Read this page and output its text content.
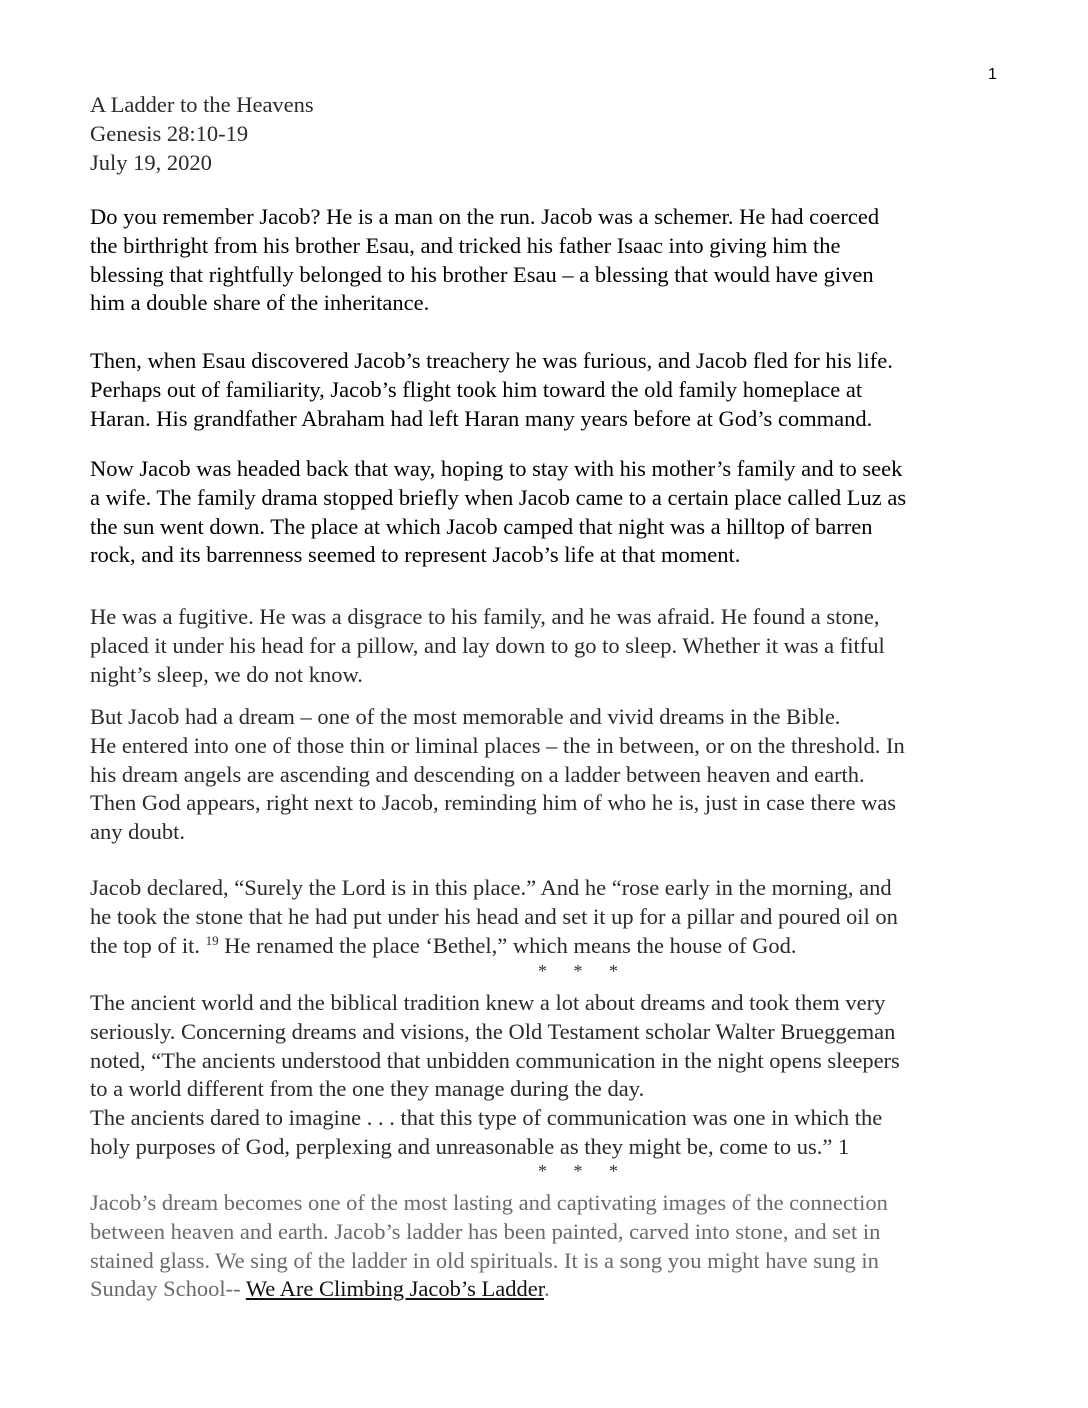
1
A Ladder to the Heavens
Genesis 28:10-19
July 19, 2020
Do you remember Jacob? He is a man on the run. Jacob was a schemer. He had coerced
the birthright from his brother Esau, and tricked his father Isaac into giving him the
blessing that rightfully belonged to his brother Esau – a blessing that would have given
him a double share of the inheritance.
Then, when Esau discovered Jacob’s treachery he was furious, and Jacob fled for his life.
Perhaps out of familiarity, Jacob’s flight took him toward the old family homeplace at
Haran. His grandfather Abraham had left Haran many years before at God’s command.
Now Jacob was headed back that way, hoping to stay with his mother’s family and to seek
a wife. The family drama stopped briefly when Jacob came to a certain place called Luz as
the sun went down. The place at which Jacob camped that night was a hilltop of barren
rock, and its barrenness seemed to represent Jacob’s life at that moment.
He was a fugitive. He was a disgrace to his family, and he was afraid. He found a stone,
placed it under his head for a pillow, and lay down to go to sleep. Whether it was a fitful
night’s sleep, we do not know.
But Jacob had a dream – one of the most memorable and vivid dreams in the Bible.
He entered into one of those thin or liminal places – the in between, or on the threshold. In
his dream angels are ascending and descending on a ladder between heaven and earth.
Then God appears, right next to Jacob, reminding him of who he is, just in case there was
any doubt.
Jacob declared, “Surely the Lord is in this place.” And he “rose early in the morning, and
he took the stone that he had put under his head and set it up for a pillar and poured oil on
the top of it. $^{19}$ He renamed the place ‘Bethel,” which means the house of God.
* * *
The ancient world and the biblical tradition knew a lot about dreams and took them very
seriously. Concerning dreams and visions, the Old Testament scholar Walter Brueggeman
noted, “The ancients understood that unbidden communication in the night opens sleepers
to a world different from the one they manage during the day.
The ancients dared to imagine . . . that this type of communication was one in which the
holy purposes of God, perplexing and unreasonable as they might be, come to us.” 1
* * *
Jacob’s dream becomes one of the most lasting and captivating images of the connection
between heaven and earth. Jacob’s ladder has been painted, carved into stone, and set in
stained glass. We sing of the ladder in old spirituals. It is a song you might have sung in
Sunday School-- We Are Climbing Jacob’s Ladder.
